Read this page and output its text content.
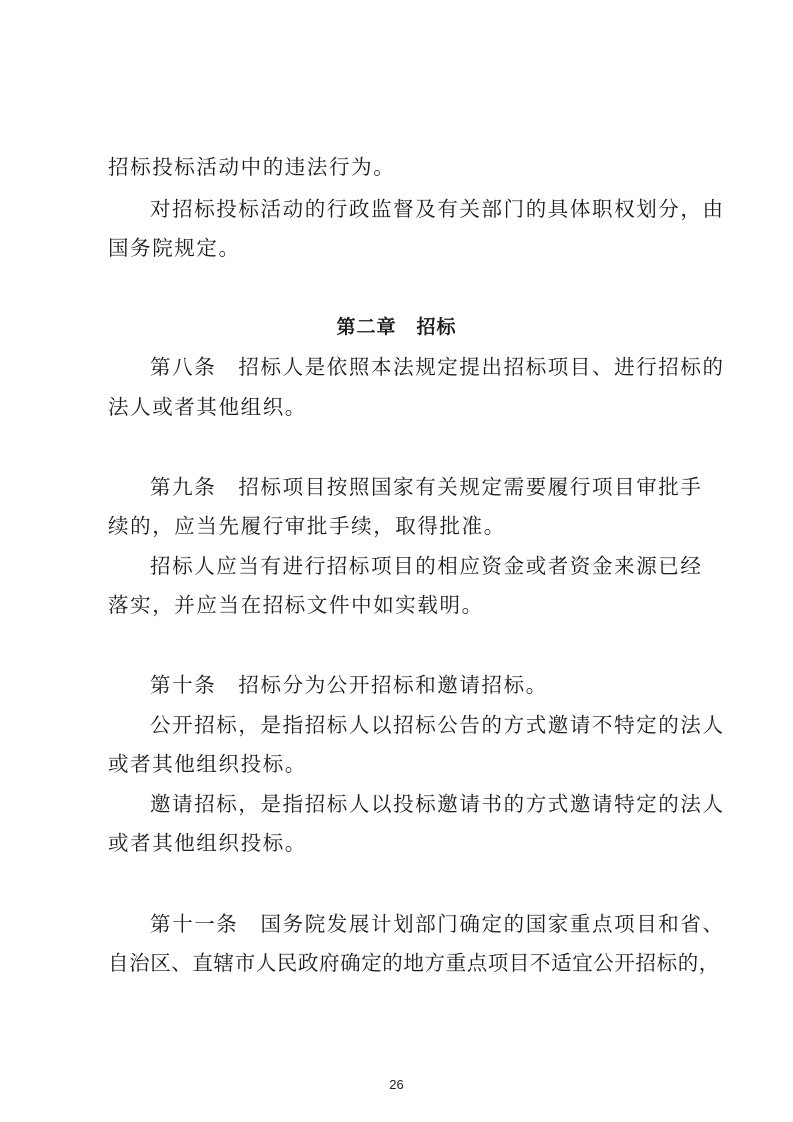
招标投标活动中的违法行为。
对招标投标活动的行政监督及有关部门的具体职权划分，由
国务院规定。
第二章　招标
第八条　招标人是依照本法规定提出招标项目、进行招标的
法人或者其他组织。
第九条　招标项目按照国家有关规定需要履行项目审批手
续的，应当先履行审批手续，取得批准。
招标人应当有进行招标项目的相应资金或者资金来源已经
落实，并应当在招标文件中如实载明。
第十条　招标分为公开招标和邀请招标。
公开招标，是指招标人以招标公告的方式邀请不特定的法人
或者其他组织投标。
邀请招标，是指招标人以投标邀请书的方式邀请特定的法人
或者其他组织投标。
第十一条　国务院发展计划部门确定的国家重点项目和省、
自治区、直辖市人民政府确定的地方重点项目不适宜公开招标的，
26
